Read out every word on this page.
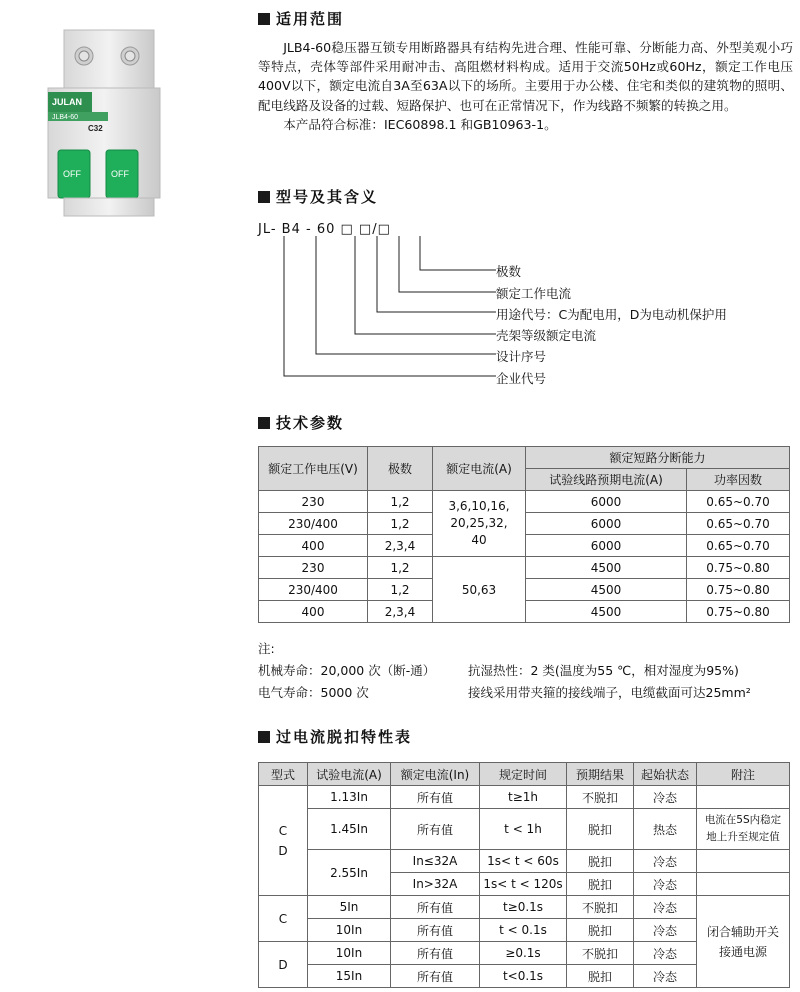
JULAN
JLB4-60
C32
OFF	OFF
适用范围

JLB4-60稳压器互锁专用断路器具有结构先进合理、性能可靠、分断能力高、外型美观小巧等特点，壳体等部件采用耐冲击、高阻燃材料构成。适用于交流50Hz或60Hz，额定工作电压400V以下，额定电流自3A至63A以下的场所。主要用于办公楼、住宅和类似的建筑物的照明、配电线路及设备的过载、短路保护、也可在正常情况下，作为线路不频繁的转换之用。

本产品符合标准：IEC60898.1 和GB10963-1。

型号及其含义
JL- B4 - 60 □ □/□
极数
额定工作电流
用途代号：C为配电用，D为电动机保护用
壳架等级额定电流
设计序号
企业代号
技术参数
额定工作电压(V)	极数	额定电流(A)	额定短路分断能力	
			试验线路预期电流(A)	功率因数
230	1,2	3,6,10,16,
20,25,32,
40	6000	0.65~0.70
230/400	1,2		6000	0.65~0.70
400	2,3,4		6000	0.65~0.70
230	1,2	50,63	4500	0.75~0.80
230/400	1,2		4500	0.75~0.80
400	2,3,4		4500	0.75~0.80
注:
机械寿命：20,000 次（断-通）	抗湿热性：2 类(温度为55 ℃，相对湿度为95%)
电气寿命：5000 次	接线采用带夹箍的接线端子，电缆截面可达25mm²
过电流脱扣特性表
型式	试验电流(A)	额定电流(In)	规定时间	预期结果	起始状态	附注

C
D	1.13In	所有值	t≥1h	不脱扣	冷态	
	1.45In	所有值	t < 1h	脱扣	热态	电流在5S内稳定
地上升至规定值

	2.55In	In≤32A	1s< t < 60s	脱扣	冷态	
		In>32A	1s< t < 120s	脱扣	冷态	
C	5In	所有值	t≥0.1s	不脱扣	冷态	闭合辅助开关
接通电源

	10In	所有值	t < 0.1s	脱扣	冷态	
D	10In	所有值	≥0.1s	不脱扣	冷态	
	15In	所有值	t<0.1s	脱扣	冷态	
